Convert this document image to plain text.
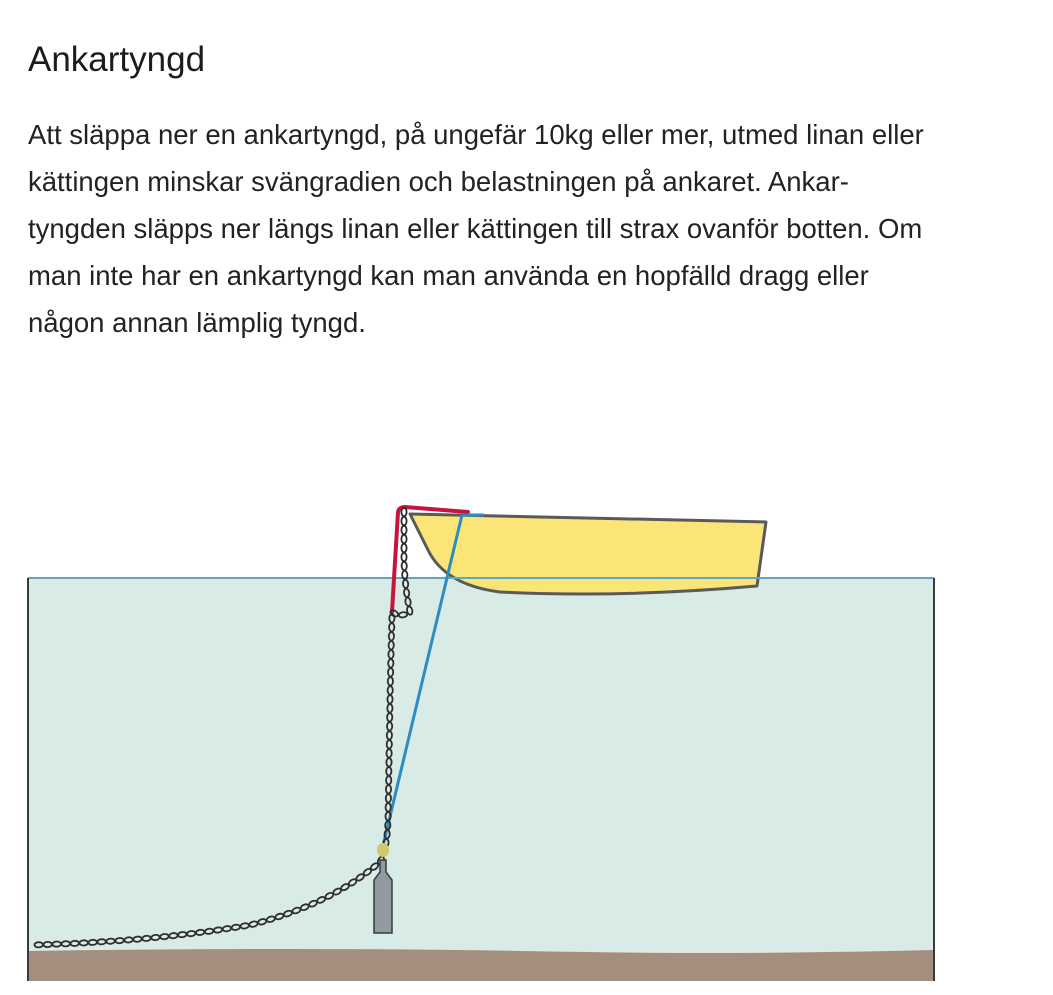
Ankartyngd

Att släppa ner en ankartyngd, på ungefär 10kg eller mer, utmed linan eller
kättingen minskar svängradien och belastningen på ankaret. Ankar-
tyngden släpps ner längs linan eller kättingen till strax ovanför botten. Om
man inte har en ankartyngd kan man använda en hopfälld dragg eller
någon annan lämplig tyngd.
